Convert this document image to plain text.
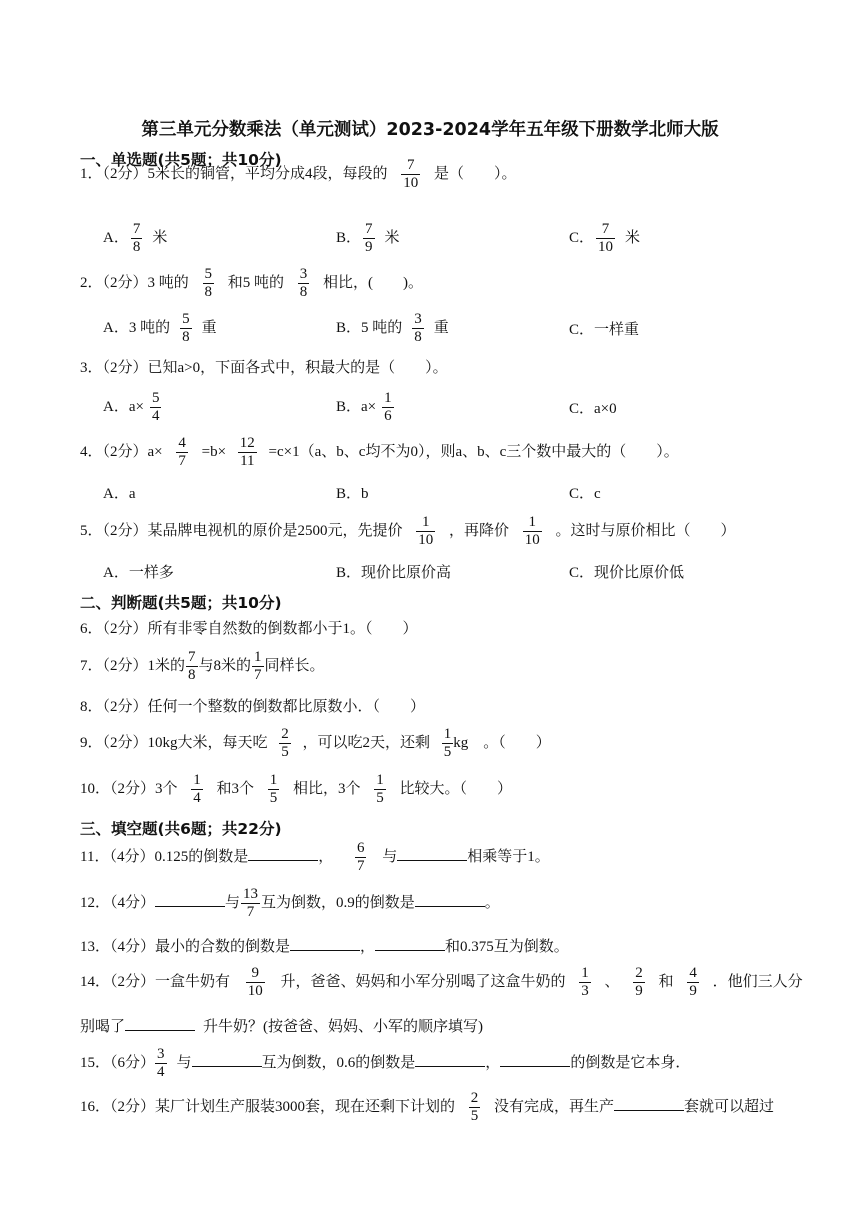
第三单元分数乘法（单元测试）2023-2024学年五年级下册数学北师大版
一、单选题(共5题；共10分)
1．（2分）5米长的铜管，平均分成4段，每段的 $\frac{7}{10}$ 是（　　）。
A． $\frac{7}{8}$ 米	B． $\frac{7}{9}$ 米	C． $\frac{7}{10}$ 米
2．（2分）3 吨的 $\frac{5}{8}$ 和5 吨的 $\frac{3}{8}$ 相比，(　　)。
A．3 吨的 $\frac{5}{8}$ 重	B．5 吨的 $\frac{3}{8}$ 重	C．一样重
3．（2分）已知a>0，下面各式中，积最大的是（　　）。
A．$a\times \frac{5}{4}$	B．$a\times \frac{1}{6}$	C．a×0
4．（2分）$a\times \frac{4}{7} =b\times \frac{12}{11} =c\times 1(a$、b、c均不为0），则a、b、c三个数中最大的（　　）。
A．a	B．b	C．c
5．（2分）某品牌电视机的原价是2500元，先提价 $\frac{1}{10}$ ，再降价 $\frac{1}{10}$ 。这时与原价相比（　　）
A．一样多	B．现价比原价高	C．现价比原价低
二、判断题(共5题；共10分)
6．（2分）所有非零自然数的倒数都小于1。（　　）
7．（2分）1米的 $\frac{7}{8}$ 与8米的 $\frac{1}{7}$ 同样长。
8．（2分）任何一个整数的倒数都比原数小．（　　）
9．（2分）10kg大米，每天吃 $\frac{2}{5}$ ，可以吃2天，还剩 $\frac{1}{5}$ kg　。（　　）
10．（2分）3个 $\frac{1}{4}$ 和3个 $\frac{1}{5}$ 相比，3个 $\frac{1}{5}$ 比较大。（　　）
三、填空题(共6题；共22分)
11．（4分）0.125的倒数是	， $\frac{6}{7}$ 与	相乘等于1。
12．（4分）	与 $\frac{13}{7}$ 互为倒数，0.9的倒数是	。
13．（4分）最小的合数的倒数是	，	和0.375互为倒数。
14．（2分）一盒牛奶有 $\frac{9}{10}$ 升，爸爸、妈妈和小军分别喝了这盒牛奶的 $\frac{1}{3}$ 、 $\frac{2}{9}$ 和 $\frac{4}{9}$ ．他们三人分
别喝了	升牛奶？(按爸爸、妈妈、小军的顺序填写)
15．（6分） $\frac{3}{4}$ 与	互为倒数，0.6的倒数是	，	的倒数是它本身．
16．（2分）某厂计划生产服装3000套，现在还剩下计划的 $\frac{2}{5}$ 没有完成，再生产	套就可以超过
